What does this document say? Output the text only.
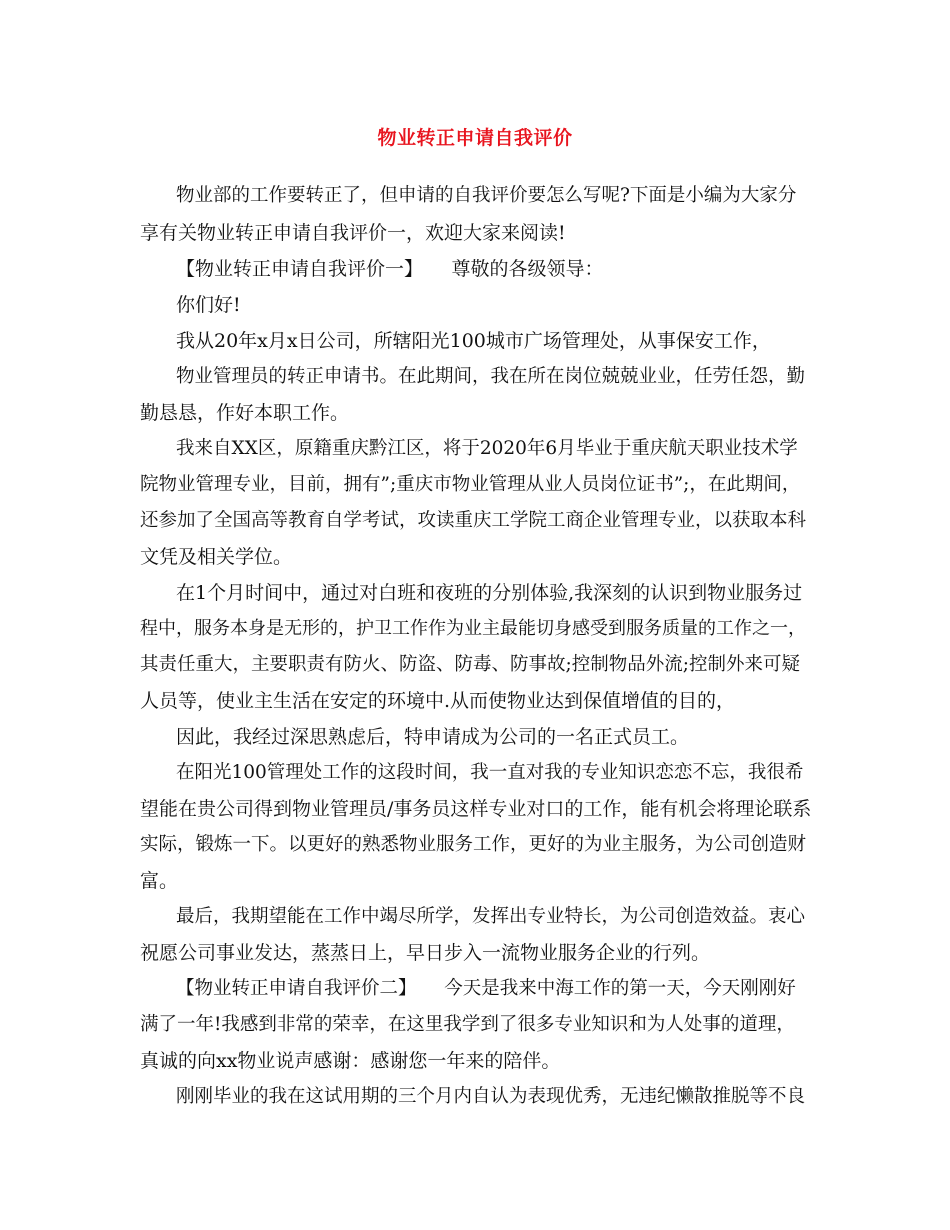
物业转正申请自我评价
物业部的工作要转正了，但申请的自我评价要怎么写呢?下面是小编为大家分
享有关物业转正申请自我评价一，欢迎大家来阅读!
【物业转正申请自我评价一】　　尊敬的各级领导：
你们好!
我从20年x月x日公司，所辖阳光100城市广场管理处，从事保安工作，
物业管理员的转正申请书。在此期间，我在所在岗位兢兢业业，任劳任怨，勤
勤恳恳，作好本职工作。
我来自XX区，原籍重庆黔江区，将于2020年6月毕业于重庆航天职业技术学
院物业管理专业，目前，拥有”;重庆市物业管理从业人员岗位证书”;，在此期间，
还参加了全国高等教育自学考试，攻读重庆工学院工商企业管理专业，以获取本科
文凭及相关学位。
在1个月时间中，通过对白班和夜班的分别体验,我深刻的认识到物业服务过
程中，服务本身是无形的，护卫工作作为业主最能切身感受到服务质量的工作之一，
其责任重大，主要职责有防火、防盗、防毒、防事故;控制物品外流;控制外来可疑
人员等，使业主生活在安定的环境中.从而使物业达到保值增值的目的，
因此，我经过深思熟虑后，特申请成为公司的一名正式员工。
在阳光100管理处工作的这段时间，我一直对我的专业知识恋恋不忘，我很希
望能在贵公司得到物业管理员/事务员这样专业对口的工作，能有机会将理论联系
实际，锻炼一下。以更好的熟悉物业服务工作，更好的为业主服务，为公司创造财
富。
最后，我期望能在工作中竭尽所学，发挥出专业特长，为公司创造效益。衷心
祝愿公司事业发达，蒸蒸日上，早日步入一流物业服务企业的行列。
【物业转正申请自我评价二】　　今天是我来中海工作的第一天，今天刚刚好
满了一年!我感到非常的荣幸，在这里我学到了很多专业知识和为人处事的道理，
真诚的向xx物业说声感谢：感谢您一年来的陪伴。
刚刚毕业的我在这试用期的三个月内自认为表现优秀，无违纪懒散推脱等不良
